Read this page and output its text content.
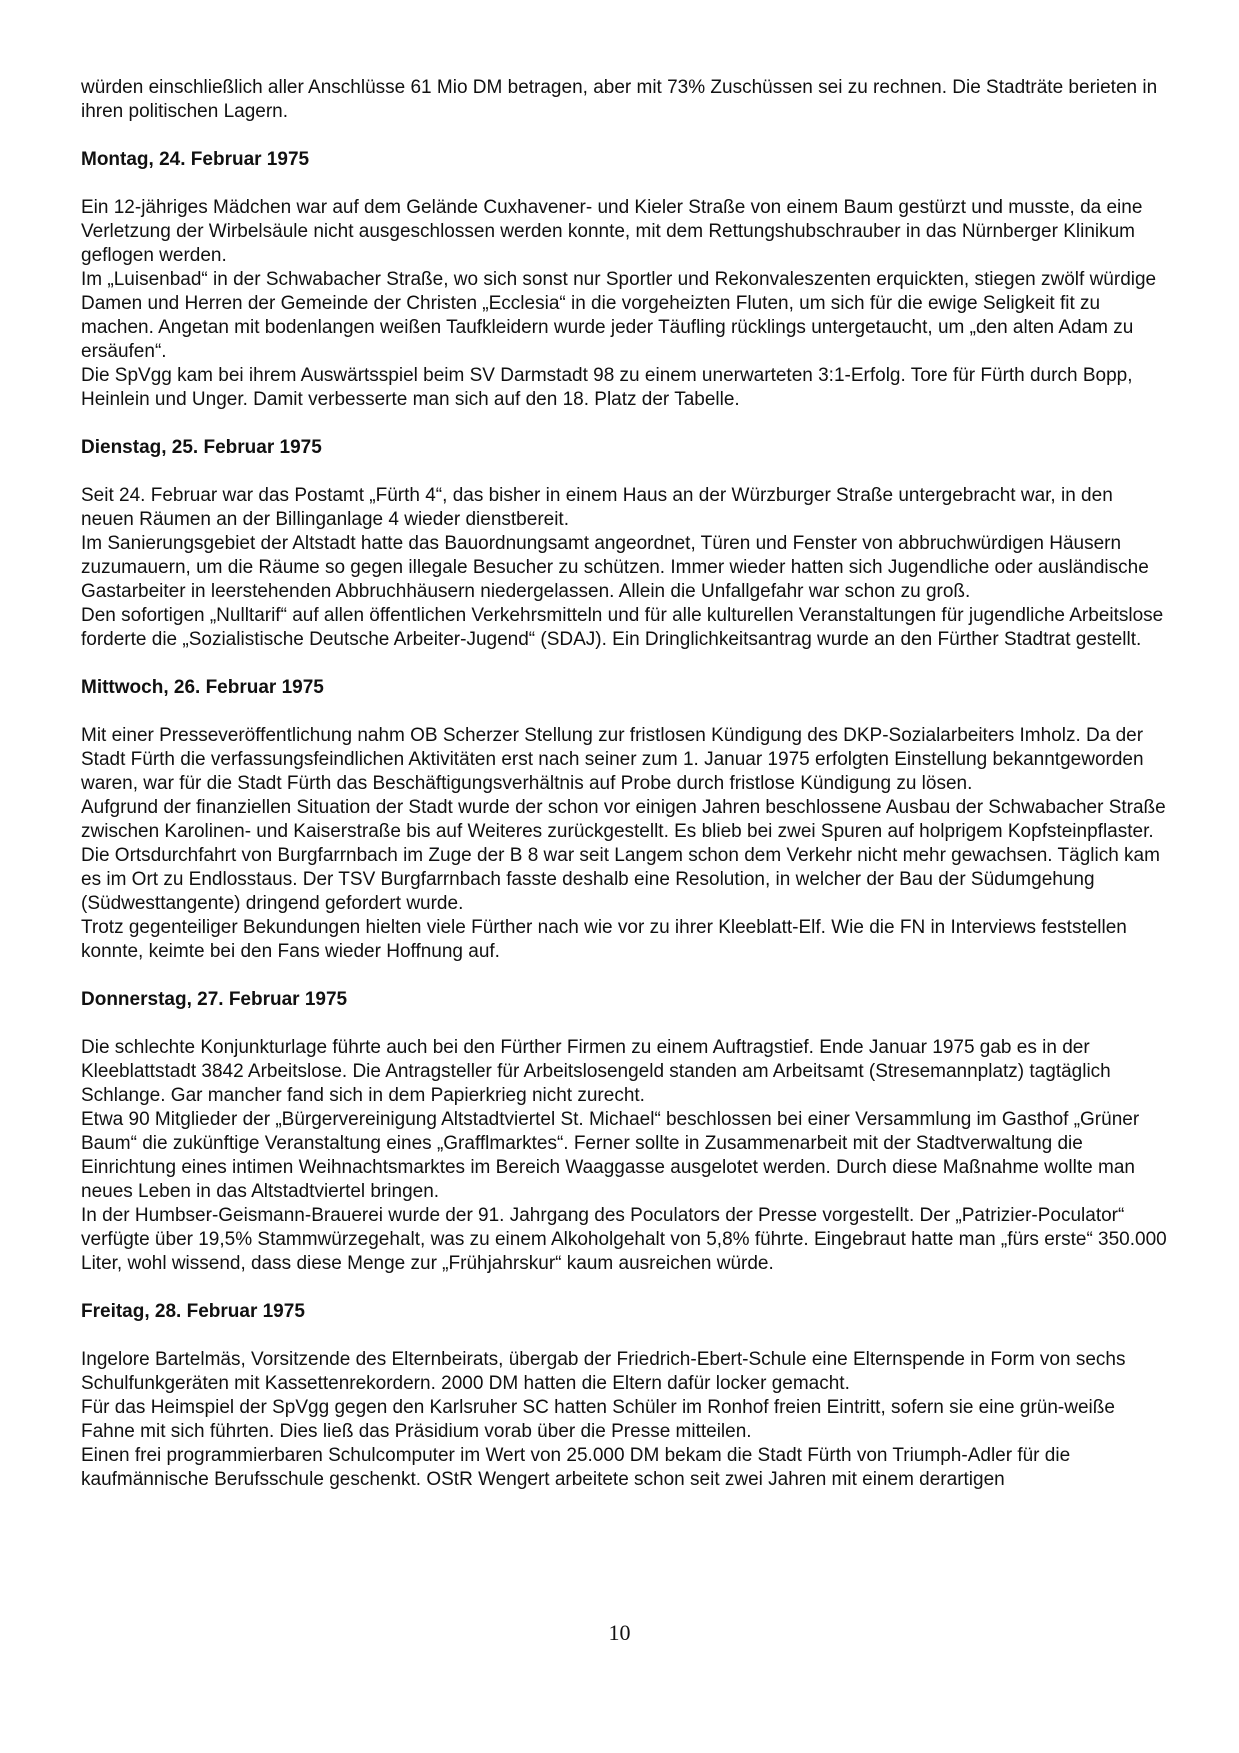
würden einschließlich aller Anschlüsse 61 Mio DM betragen, aber mit 73% Zuschüssen sei zu rechnen. Die Stadträte berieten in ihren politischen Lagern.

Montag, 24. Februar 1975

Ein 12-jähriges Mädchen war auf dem Gelände Cuxhavener- und Kieler Straße von einem Baum gestürzt und musste, da eine Verletzung der Wirbelsäule nicht ausgeschlossen werden konnte, mit dem Rettungshubschrauber in das Nürnberger Klinikum geflogen werden.

Im „Luisenbad“ in der Schwabacher Straße, wo sich sonst nur Sportler und Rekonvaleszenten erquickten, stiegen zwölf würdige Damen und Herren der Gemeinde der Christen „Ecclesia“ in die vorgeheizten Fluten, um sich für die ewige Seligkeit fit zu machen. Angetan mit bodenlangen weißen Taufkleidern wurde jeder Täufling rücklings untergetaucht, um „den alten Adam zu ersäufen“.

Die SpVgg kam bei ihrem Auswärtsspiel beim SV Darmstadt 98 zu einem unerwarteten 3:1-Erfolg. Tore für Fürth durch Bopp, Heinlein und Unger. Damit verbesserte man sich auf den 18. Platz der Tabelle.

Dienstag, 25. Februar 1975

Seit 24. Februar war das Postamt „Fürth 4“, das bisher in einem Haus an der Würzburger Straße untergebracht war, in den neuen Räumen an der Billinganlage 4 wieder dienstbereit.

Im Sanierungsgebiet der Altstadt hatte das Bauordnungsamt angeordnet, Türen und Fenster von abbruchwürdigen Häusern zuzumauern, um die Räume so gegen illegale Besucher zu schützen. Immer wieder hatten sich Jugendliche oder ausländische Gastarbeiter in leerstehenden Abbruchhäusern niedergelassen. Allein die Unfallgefahr war schon zu groß.

Den sofortigen „Nulltarif“ auf allen öffentlichen Verkehrsmitteln und für alle kulturellen Veranstaltungen für jugendliche Arbeitslose forderte die „Sozialistische Deutsche Arbeiter-Jugend“ (SDAJ). Ein Dringlichkeitsantrag wurde an den Fürther Stadtrat gestellt.

Mittwoch, 26. Februar 1975

Mit einer Presseveröffentlichung nahm OB Scherzer Stellung zur fristlosen Kündigung des DKP-Sozialarbeiters Imholz. Da der Stadt Fürth die verfassungsfeindlichen Aktivitäten erst nach seiner zum 1. Januar 1975 erfolgten Einstellung bekanntgeworden waren, war für die Stadt Fürth das Beschäftigungsverhältnis auf Probe durch fristlose Kündigung zu lösen.

Aufgrund der finanziellen Situation der Stadt wurde der schon vor einigen Jahren beschlossene Ausbau der Schwabacher Straße zwischen Karolinen- und Kaiserstraße bis auf Weiteres zurückgestellt. Es blieb bei zwei Spuren auf holprigem Kopfsteinpflaster.

Die Ortsdurchfahrt von Burgfarrnbach im Zuge der B 8 war seit Langem schon dem Verkehr nicht mehr gewachsen. Täglich kam es im Ort zu Endlosstaus. Der TSV Burgfarrnbach fasste deshalb eine Resolution, in welcher der Bau der Südumgehung (Südwesttangente) dringend gefordert wurde.

Trotz gegenteiliger Bekundungen hielten viele Fürther nach wie vor zu ihrer Kleeblatt-Elf. Wie die FN in Interviews feststellen konnte, keimte bei den Fans wieder Hoffnung auf.

Donnerstag, 27. Februar 1975

Die schlechte Konjunkturlage führte auch bei den Fürther Firmen zu einem Auftragstief. Ende Januar 1975 gab es in der Kleeblattstadt 3842 Arbeitslose. Die Antragsteller für Arbeitslosengeld standen am Arbeitsamt (Stresemannplatz) tagtäglich Schlange. Gar mancher fand sich in dem Papierkrieg nicht zurecht.

Etwa 90 Mitglieder der „Bürgervereinigung Altstadtviertel St. Michael“ beschlossen bei einer Versammlung im Gasthof „Grüner Baum“ die zukünftige Veranstaltung eines „Grafflmarktes“. Ferner sollte in Zusammenarbeit mit der Stadtverwaltung die Einrichtung eines intimen Weihnachtsmarktes im Bereich Waaggasse ausgelotet werden. Durch diese Maßnahme wollte man neues Leben in das Altstadtviertel bringen.

In der Humbser-Geismann-Brauerei wurde der 91. Jahrgang des Poculators der Presse vorgestellt. Der „Patrizier-Poculator“ verfügte über 19,5% Stammwürzegehalt, was zu einem Alkoholgehalt von 5,8% führte. Eingebraut hatte man „fürs erste“ 350.000 Liter, wohl wissend, dass diese Menge zur „Frühjahrskur“ kaum ausreichen würde.

Freitag, 28. Februar 1975

Ingelore Bartelmäs, Vorsitzende des Elternbeirats, übergab der Friedrich-Ebert-Schule eine Elternspende in Form von sechs Schulfunkgeräten mit Kassettenrekordern. 2000 DM hatten die Eltern dafür locker gemacht.

Für das Heimspiel der SpVgg gegen den Karlsruher SC hatten Schüler im Ronhof freien Eintritt, sofern sie eine grün-weiße Fahne mit sich führten. Dies ließ das Präsidium vorab über die Presse mitteilen.

Einen frei programmierbaren Schulcomputer im Wert von 25.000 DM bekam die Stadt Fürth von Triumph-Adler für die kaufmännische Berufsschule geschenkt. OStR Wengert arbeitete schon seit zwei Jahren mit einem derartigen

10
